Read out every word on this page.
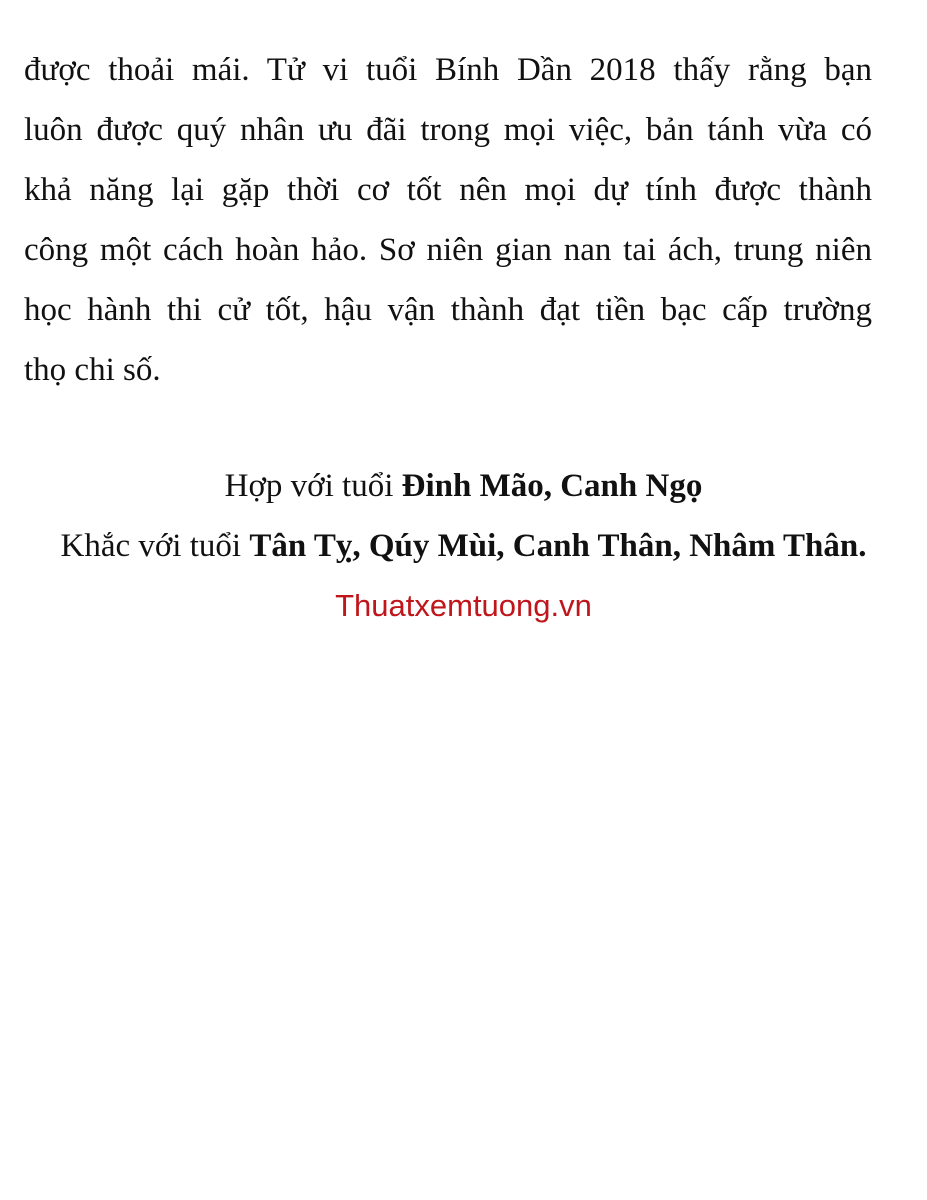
được thoải mái. Tử vi tuổi Bính Dần 2018 thấy rằng bạn
luôn được quý nhân ưu đãi trong mọi việc, bản tánh vừa có
khả năng lại gặp thời cơ tốt nên mọi dự tính được thành
công một cách hoàn hảo. Sơ niên gian nan tai ách, trung niên
học hành thi cử tốt, hậu vận thành đạt tiền bạc cấp trường
thọ chi số.

Hợp với tuổi Đinh Mão, Canh Ngọ

Khắc với tuổi Tân Tỵ, Qúy Mùi, Canh Thân, Nhâm Thân.

Thuatxemtuong.vn
